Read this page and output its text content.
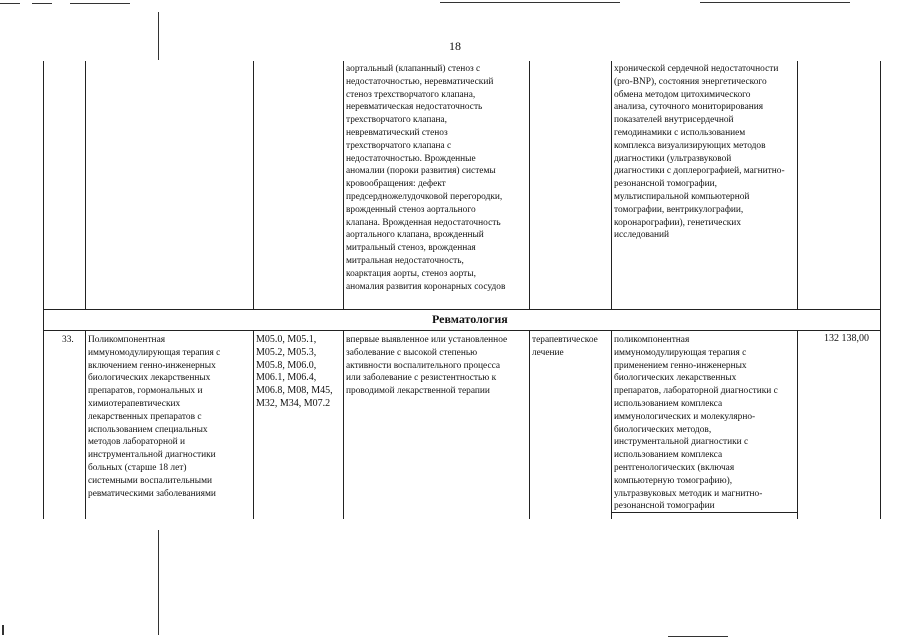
18
аортальный (клапанный) стеноз с
недостаточностью, неревматический
стеноз трехстворчатого клапана,
неревматическая недостаточность
трехстворчатого клапана,
невревматический стеноз
трехстворчатого клапана с
недостаточностью. Врожденные
аномалии (пороки развития) системы
кровообращения: дефект
предсердножелудочковой перегородки,
врожденный стеноз аортального
клапана. Врожденная недостаточность
аортального клапана, врожденный
митральный стеноз, врожденная
митральная недостаточность,
коарктация аорты, стеноз аорты,
аномалия развития коронарных сосудов
хронической сердечной недостаточности
(pro-BNP), состояния энергетического
обмена методом цитохимического
анализа, суточного мониторирования
показателей внутрисердечной
гемодинамики с использованием
комплекса визуализирующих методов
диагностики (ультразвуковой
диагностики с доплерографией, магнитно-
резонансной томографии,
мультиспиральной компьютерной
томографии, вентрикулографии,
коронарографии), генетических
исследований
Ревматология
33.	Поликомпонентная
иммуномодулирующая терапия с
включением генно-инженерных
биологических лекарственных
препаратов, гормональных и
химиотерапевтических
лекарственных препаратов с
использованием специальных
методов лабораторной и
инструментальной диагностики
больных (старше 18 лет)
системными воспалительными
ревматическими заболеваниями
M05.0, M05.1,
M05.2, M05.3,
M05.8, M06.0,
M06.1, M06.4,
M06.8, M08, M45,
M32, M34, M07.2
впервые выявленное или установленное
заболевание с высокой степенью
активности воспалительного процесса
или заболевание с резистентностью к
проводимой лекарственной терапии
терапевтическое
лечение
поликомпонентная
иммуномодулирующая терапия с
применением генно-инженерных
биологических лекарственных
препаратов, лабораторной диагностики с
использованием комплекса
иммунологических и молекулярно-
биологических методов,
инструментальной диагностики с
использованием комплекса
рентгенологических (включая
компьютерную томографию),
ультразвуковых методик и магнитно-
резонансной томографии
132 138,00
